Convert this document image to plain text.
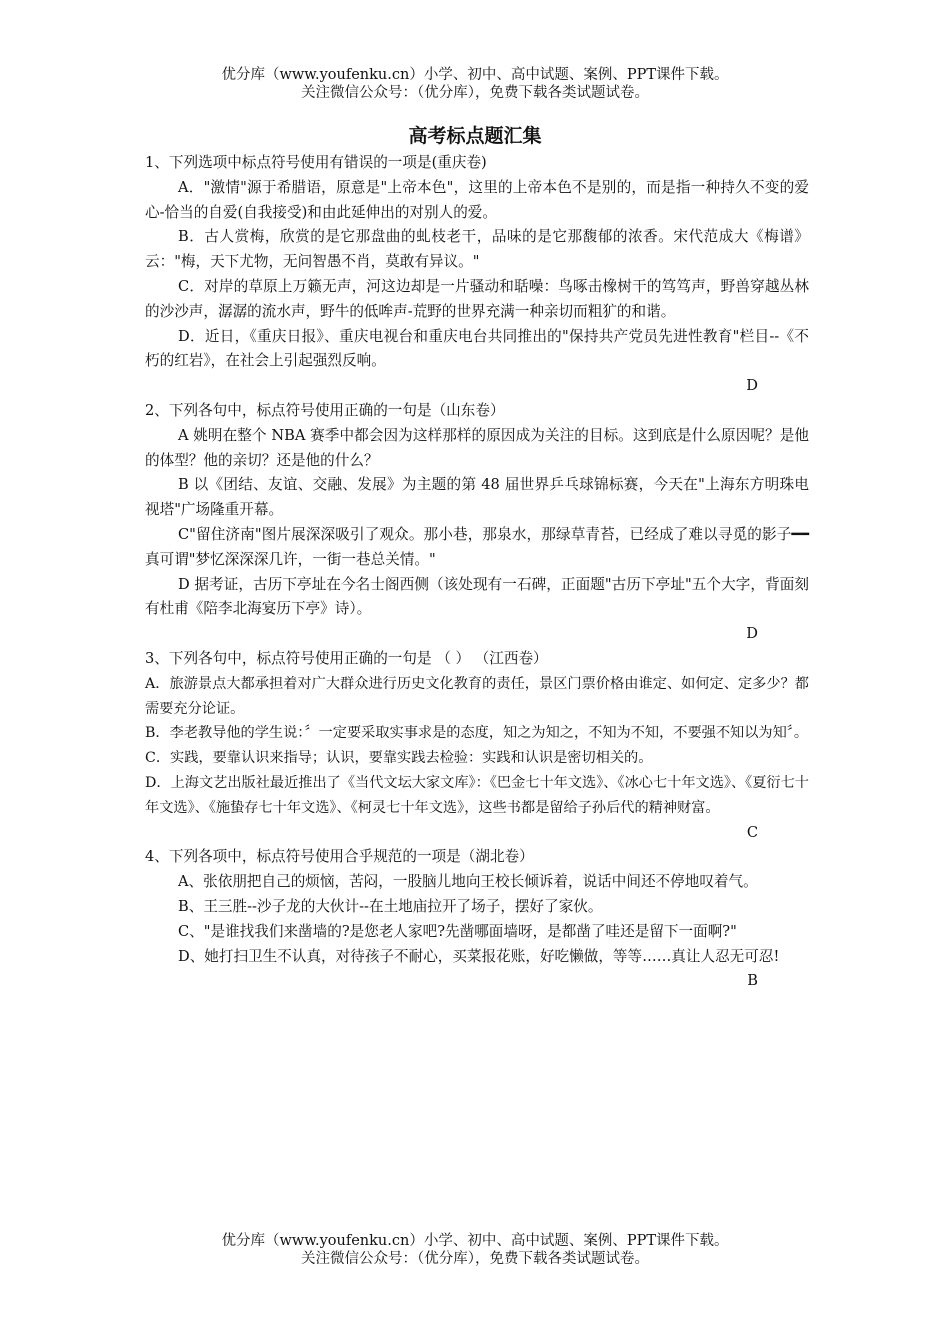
优分库（www.youfenku.cn）小学、初中、高中试题、案例、PPT课件下载。
关注微信公众号：（优分库），免费下载各类试题试卷。
高考标点题汇集

1、下列选项中标点符号使用有错误的一项是(重庆卷)

A．"激情"源于希腊语，原意是"上帝本色"，这里的上帝本色不是别的，而是指一种持久不变的爱心-恰当的自爱(自我接受)和由此延伸出的对别人的爱。

B．古人赏梅，欣赏的是它那盘曲的虬枝老干，品味的是它那馥郁的浓香。宋代范成大《梅谱》云："梅，天下尤物，无问智愚不肖，莫敢有异议。"

C．对岸的草原上万籁无声，河这边却是一片骚动和聒噪：鸟啄击橡树干的笃笃声，野兽穿越丛林的沙沙声，潺潺的流水声，野牛的低哞声-荒野的世界充满一种亲切而粗犷的和谐。

D．近日，《重庆日报》、重庆电视台和重庆电台共同推出的"保持共产党员先进性教育"栏目--《不朽的红岩》，在社会上引起强烈反响。

D

2、下列各句中，标点符号使用正确的一句是（山东卷）

A 姚明在整个 NBA 赛季中都会因为这样那样的原因成为关注的目标。这到底是什么原因呢？是他的体型？他的亲切？还是他的什么？

B 以《团结、友谊、交融、发展》为主题的第 48 届世界乒乓球锦标赛，今天在"上海东方明珠电视塔"广场隆重开幕。

C"留住济南"图片展深深吸引了观众。那小巷，那泉水，那绿草青苔，已经成了难以寻觅的影子━━真可谓"梦忆深深深几许，一街一巷总关情。"

D 据考证，古历下亭址在今名士阁西侧（该处现有一石碑，正面题"古历下亭址"五个大字，背面刻有杜甫《陪李北海宴历下亭》诗）。

D

3、下列各句中，标点符号使用正确的一句是 （ ） （江西卷）

A．旅游景点大都承担着对广大群众进行历史文化教育的责任，景区门票价格由谁定、如何定、定多少？都需要充分论证。

B．李老教导他的学生说：〞一定要采取实事求是的态度，知之为知之，不知为不知，不要强不知以为知〞。

C．实践，要靠认识来指导；认识，要靠实践去检验：实践和认识是密切相关的。

D．上海文艺出版社最近推出了《当代文坛大家文库》：《巴金七十年文选》、《冰心七十年文选》、《夏衍七十年文选》、《施蛰存七十年文选》、《柯灵七十年文选》，这些书都是留给子孙后代的精神财富。

C

4、下列各项中，标点符号使用合乎规范的一项是（湖北卷）

A、张依朋把自己的烦恼，苦闷，一股脑儿地向王校长倾诉着，说话中间还不停地叹着气。

B、王三胜--沙子龙的大伙计--在土地庙拉开了场子，摆好了家伙。

C、"是谁找我们来凿墙的?是您老人家吧?先凿哪面墙呀，是都凿了哇还是留下一面啊?"

D、她打扫卫生不认真，对待孩子不耐心，买菜报花账，好吃懒做，等等……真让人忍无可忍!

B

优分库（www.youfenku.cn）小学、初中、高中试题、案例、PPT课件下载。
关注微信公众号：（优分库），免费下载各类试题试卷。
